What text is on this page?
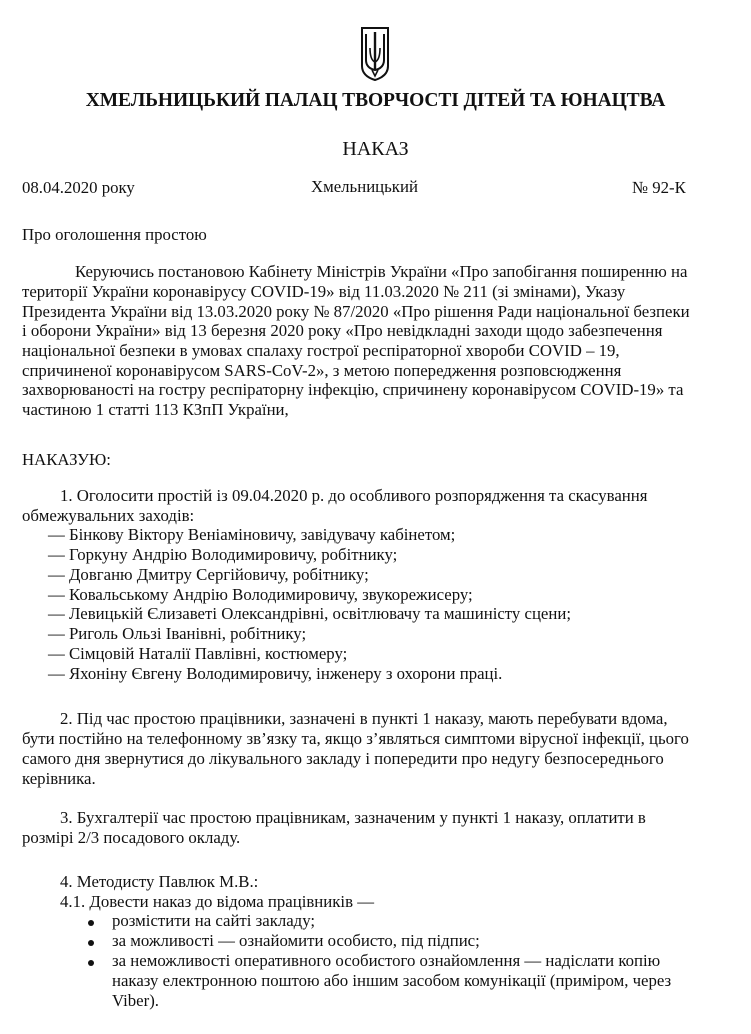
ХМЕЛЬНИЦЬКИЙ ПАЛАЦ ТВОРЧОСТІ ДІТЕЙ ТА ЮНАЦТВА
НАКАЗ
08.04.2020 року	Хмельницький	№ 92-К
Про оголошення простою
Керуючись постановою Кабінету Міністрів України «Про запобігання поширенню на
території України коронавірусу COVID-19» від 11.03.2020 № 211 (зі змінами), Указу
Президента України від 13.03.2020 року № 87/2020 «Про рішення Ради національної безпеки
і оборони України» від 13 березня 2020 року «Про невідкладні заходи щодо забезпечення
національної безпеки в умовах спалаху гострої респіраторної хвороби COVID – 19,
спричиненої коронавірусом SARS-CoV-2», з метою попередження розповсюдження
захворюваності на гостру респіраторну інфекцію, спричинену коронавірусом COVID-19» та
частиною 1 статті 113 КЗпП України,
НАКАЗУЮ:
1. Оголосити простій із 09.04.2020 р. до особливого розпорядження та скасування
обмежувальних заходів:
— Бінкову Віктору Веніаміновичу, завідувачу кабінетом;
— Горкуну Андрію Володимировичу, робітнику;
— Довганю Дмитру Сергійовичу, робітнику;
— Ковальському Андрію Володимировичу, звукорежисеру;
— Левицькій Єлизаветі Олександрівні, освітлювачу та машиністу сцени;
— Риголь Ользі Іванівні, робітнику;
— Сімцовій Наталії Павлівні, костюмеру;
— Яхоніну Євгену Володимировичу, інженеру з охорони праці.
2. Під час простою працівники, зазначені в пункті 1 наказу, мають перебувати вдома,
бути постійно на телефонному зв’язку та, якщо з’являться симптоми вірусної інфекції, цього
самого дня звернутися до лікувального закладу і попередити про недугу безпосереднього
керівника.
3. Бухгалтерії час простою працівникам, зазначеним у пункті 1 наказу, оплатити в
розмірі 2/3 посадового окладу.
4. Методисту Павлюк М.В.:
4.1. Довести наказ до відома працівників —
розмістити на сайті закладу;
за можливості — ознайомити особисто, під підпис;
за неможливості оперативного особистого ознайомлення — надіслати копію
наказу електронною поштою або іншим засобом комунікації (приміром, через
Viber).
